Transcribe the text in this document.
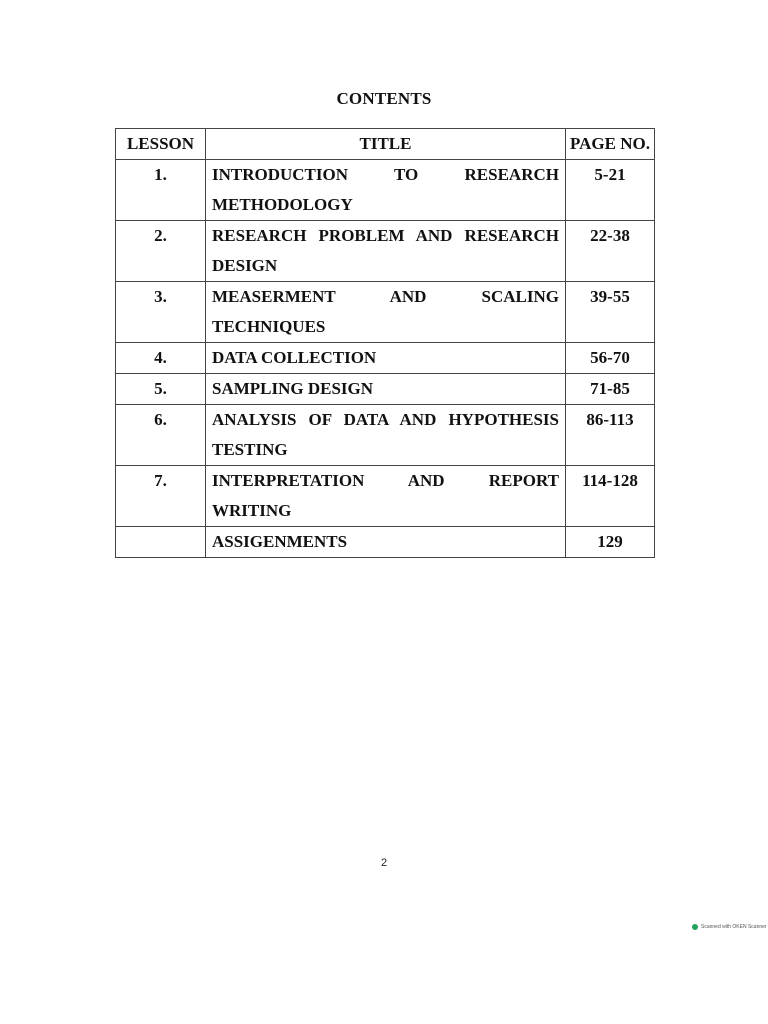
CONTENTS
LESSON	TITLE	PAGE NO.
1.	INTRODUCTION TO RESEARCH METHODOLOGY	5-21
2.	RESEARCH PROBLEM AND RESEARCH DESIGN	22-38
3.	MEASERMENT AND SCALING TECHNIQUES	39-55
4.	DATA COLLECTION	56-70
5.	SAMPLING DESIGN	71-85
6.	ANALYSIS OF DATA AND HYPOTHESIS TESTING	86-113
7.	INTERPRETATION AND REPORT WRITING	114-128
	ASSIGENMENTS	129
2
Scanned with OKEN Scanner
